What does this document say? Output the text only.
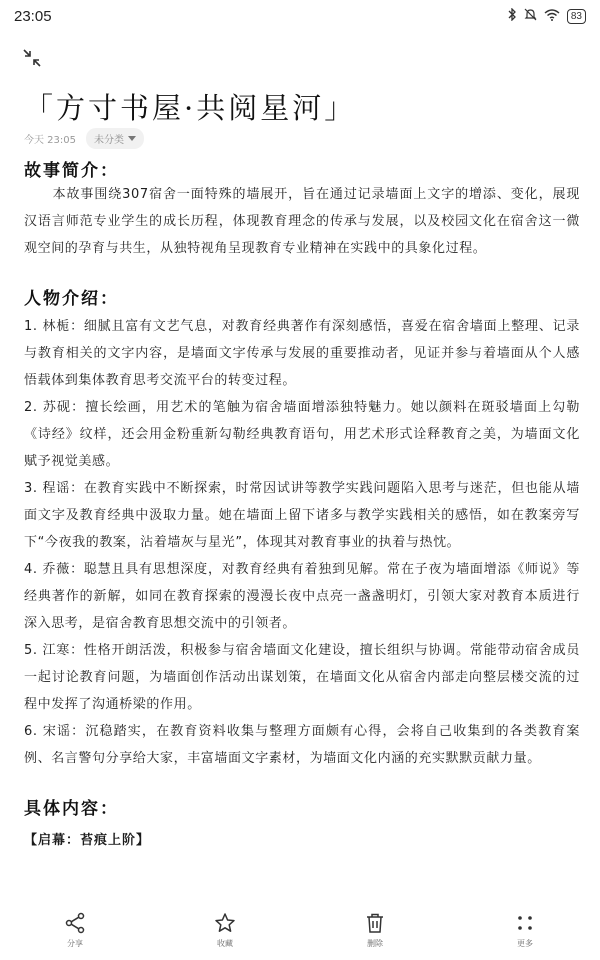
23:05	83
「方寸书屋·共阅星河」
今天 23:05 未分类
故事简介：

本故事围绕307宿舍一面特殊的墙展开，旨在通过记录墙面上文字的增添、变化，展现汉语言师范专业学生的成长历程，体现教育理念的传承与发展，以及校园文化在宿舍这一微观空间的孕育与共生，从独特视角呈现教育专业精神在实践中的具象化过程。

人物介绍：

1. 林栀：细腻且富有文艺气息，对教育经典著作有深刻感悟，喜爱在宿舍墙面上整理、记录与教育相关的文字内容，是墙面文字传承与发展的重要推动者，见证并参与着墙面从个人感悟载体到集体教育思考交流平台的转变过程。

2. 苏砚：擅长绘画，用艺术的笔触为宿舍墙面增添独特魅力。她以颜料在斑驳墙面上勾勒《诗经》纹样，还会用金粉重新勾勒经典教育语句，用艺术形式诠释教育之美，为墙面文化赋予视觉美感。

3. 程谣：在教育实践中不断探索，时常因试讲等教学实践问题陷入思考与迷茫，但也能从墙面文字及教育经典中汲取力量。她在墙面上留下诸多与教学实践相关的感悟，如在教案旁写下“今夜我的教案，沾着墙灰与星光”，体现其对教育事业的执着与热忱。

4. 乔薇：聪慧且具有思想深度，对教育经典有着独到见解。常在子夜为墙面增添《师说》等经典著作的新解，如同在教育探索的漫漫长夜中点亮一盏盏明灯，引领大家对教育本质进行深入思考，是宿舍教育思想交流中的引领者。

5. 江寒：性格开朗活泼，积极参与宿舍墙面文化建设，擅长组织与协调。常能带动宿舍成员一起讨论教育问题，为墙面创作活动出谋划策，在墙面文化从宿舍内部走向整层楼交流的过程中发挥了沟通桥梁的作用。

6. 宋谣：沉稳踏实，在教育资料收集与整理方面颇有心得，会将自己收集到的各类教育案例、名言警句分享给大家，丰富墙面文字素材，为墙面文化内涵的充实默默贡献力量。

具体内容：
【启幕：苔痕上阶】
分享	收藏	删除	更多
